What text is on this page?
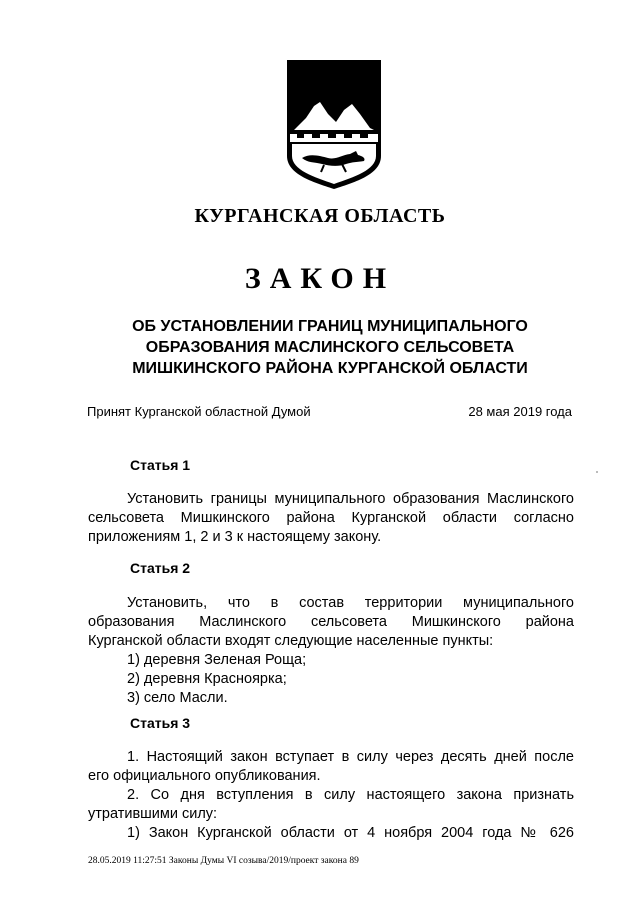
КУРГАНСКАЯ ОБЛАСТЬ
ЗАКОН
ОБ УСТАНОВЛЕНИИ ГРАНИЦ МУНИЦИПАЛЬНОГО
ОБРАЗОВАНИЯ МАСЛИНСКОГО СЕЛЬСОВЕТА
МИШКИНСКОГО РАЙОНА КУРГАНСКОЙ ОБЛАСТИ
Принят Курганской областной Думой	28 мая 2019 года
Статья 1
Установить границы муниципального образования Маслинского
сельсовета Мишкинского района Курганской области согласно
приложениям 1, 2 и 3 к настоящему закону.
Статья 2
Установить, что в состав территории муниципального
образования Маслинского сельсовета Мишкинского района
Курганской области входят следующие населенные пункты:
1) деревня Зеленая Роща;
2) деревня Красноярка;
3) село Масли.
Статья 3
1. Настоящий закон вступает в силу через десять дней после
его официального опубликования.
2. Со дня вступления в силу настоящего закона признать
утратившими силу:
1) Закон Курганской области от 4 ноября 2004 года № 626
28.05.2019 11:27:51 Законы Думы VI созыва/2019/проект закона 89
